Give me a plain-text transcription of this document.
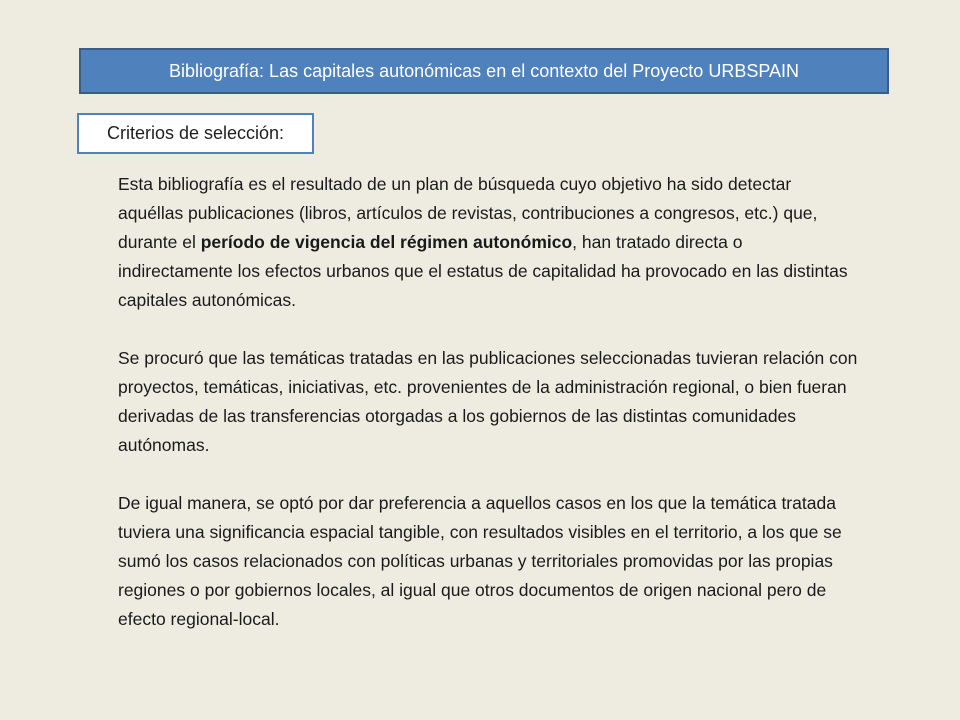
Bibliografía: Las capitales autonómicas en el contexto del Proyecto URBSPAIN
Criterios de selección:

Esta bibliografía es el resultado de un plan de búsqueda cuyo objetivo ha sido detectar aquéllas publicaciones (libros, artículos de revistas, contribuciones a congresos, etc.) que, durante el período de vigencia del régimen autonómico, han tratado directa o indirectamente los efectos urbanos que el estatus de capitalidad ha provocado en las distintas capitales autonómicas.

Se procuró que las temáticas tratadas en las publicaciones seleccionadas tuvieran relación con proyectos, temáticas, iniciativas, etc. provenientes de la administración regional, o bien fueran derivadas de las transferencias otorgadas a los gobiernos de las distintas comunidades autónomas.

De igual manera, se optó por dar preferencia a aquellos casos en los que la temática tratada tuviera una significancia espacial tangible, con resultados visibles en el territorio, a los que se sumó los casos relacionados con políticas urbanas y territoriales promovidas por las propias regiones o por gobiernos locales, al igual que otros documentos de origen nacional pero de efecto regional-local.
